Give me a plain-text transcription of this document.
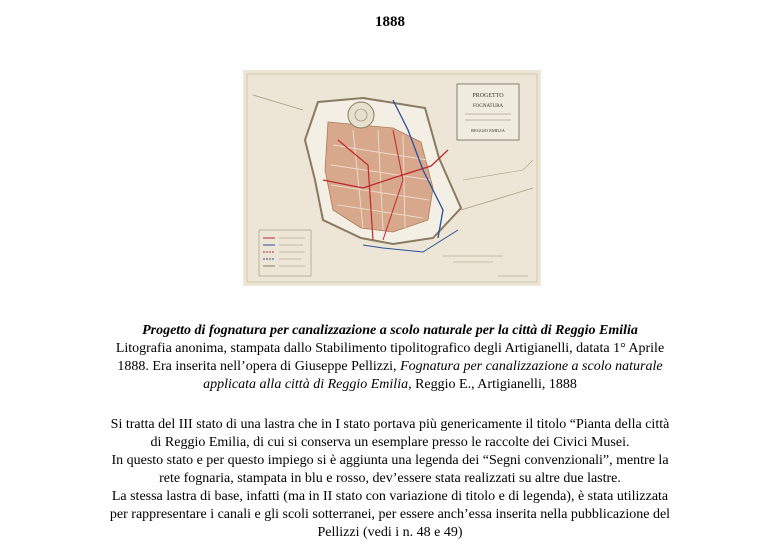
1888
PROGETTO
FOGNATURA
REGGIO EMILIA
Progetto di fognatura per canalizzazione a scolo naturale per la città di Reggio Emilia
Litografia anonima, stampata dallo Stabilimento tipolitografico degli Artigianelli, datata 1° Aprile
1888. Era inserita nell’opera di Giuseppe Pellizzi, Fognatura per canalizzazione a scolo naturale
applicata alla città di Reggio Emilia, Reggio E., Artigianelli, 1888
Si tratta del III stato di una lastra che in I stato portava più genericamente il titolo “Pianta della città
di Reggio Emilia, di cui si conserva un esemplare presso le raccolte dei Civici Musei.
In questo stato e per questo impiego si è aggiunta una legenda dei “Segni convenzionali”, mentre la
rete fognaria, stampata in blu e rosso, dev’essere stata realizzati su altre due lastre.
La stessa lastra di base, infatti (ma in II stato con variazione di titolo e di legenda), è stata utilizzata
per rappresentare i canali e gli scoli sotterranei, per essere anch’essa inserita nella pubblicazione del
Pellizzi (vedi i n. 48 e 49)
